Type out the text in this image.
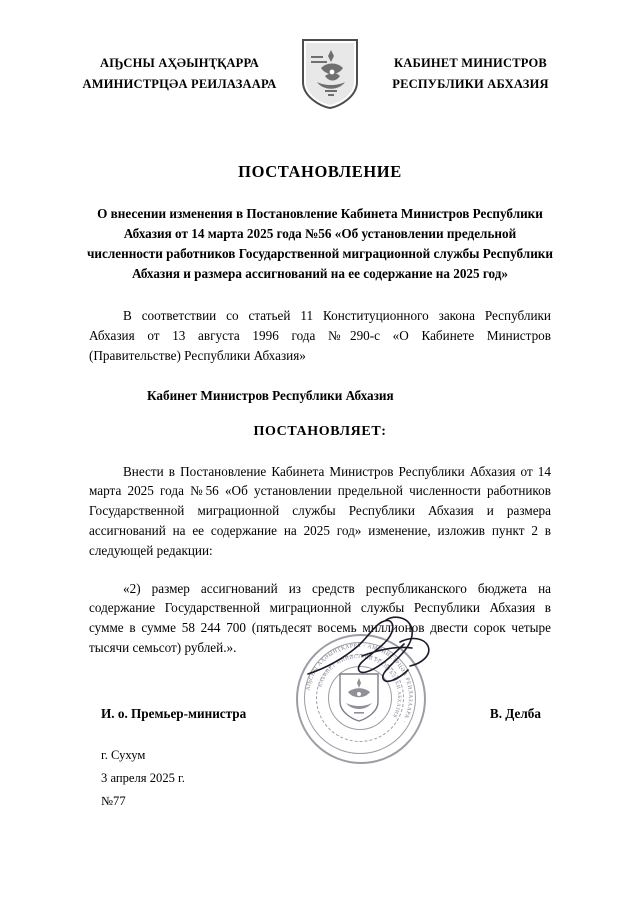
АҦСНЫ АҲӘЫНҬҚАРРА
АМИНИСТРЦӘА РЕИЛАЗААРА
КАБИНЕТ МИНИСТРОВ
РЕСПУБЛИКИ АБХАЗИЯ
ПОСТАНОВЛЕНИЕ
О внесении изменения в Постановление Кабинета Министров Республики Абхазия от 14 марта 2025 года №56 «Об установлении предельной численности работников Государственной миграционной службы Республики Абхазия и размера ассигнований на ее содержание на 2025 год»
В соответствии со статьей 11 Конституционного закона Республики Абхазия от 13 августа 1996 года №290-с «О Кабинете Министров (Правительстве) Республики Абхазия»
Кабинет Министров Республики Абхазия
ПОСТАНОВЛЯЕТ:
Внести в Постановление Кабинета Министров Республики Абхазия от 14 марта 2025 года №56 «Об установлении предельной численности работников Государственной миграционной службы Республики Абхазия и размера ассигнований на ее содержание на 2025 год» изменение, изложив пункт 2 в следующей редакции:
«2) размер ассигнований из средств республиканского бюджета на содержание Государственной миграционной службы Республики Абхазия в сумме в сумме 58 244 700 (пятьдесят восемь миллионов двести сорок четыре тысячи семьсот) рублей.».
И. о. Премьер-министра	В. Делба
г. Сухум
3 апреля 2025 г.
№77
АҦСНЫ АҲӘЫНҬҚАРРА · АМИНИСТРЦӘА РЕИЛАЗААРА ·
КАБИНЕТ МИНИСТРОВ РЕСПУБЛИКИ АБХАЗИЯ
